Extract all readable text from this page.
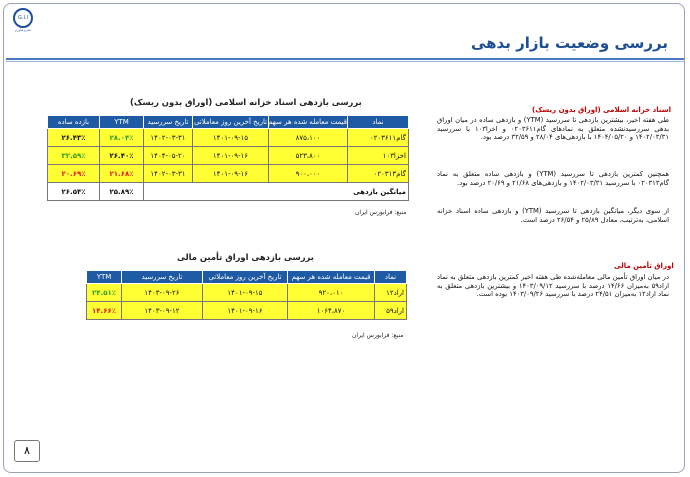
G.I.I
علم و فناوری
بررسی وضعیت بازار بدهی
بررسی بازدهی اسناد خزانه اسلامی (اوراق بدون ریسک)
نماد	قیمت معامله شده هر سهم	تاریخ آخرین روز معاملاتی	تاریخ سررسید	YTM	بازده ساده
گام۰۲۰۳۶۱۱	۸۷۵،۱۰۰	۱۴۰۱-۰۹-۱۵	۱۴۰۲-۰۳-۳۱	۲۸.۰۴٪	۲۶.۴۳٪
اخزا۱۰۳	۵۲۳،۸۰۰	۱۴۰۱-۰۹-۱۶	۱۴۰۴-۰۵-۲۰	۲۶.۴۰٪	۳۲.۵۹٪
گام۰۲۰۳۱۳	۹۰۰،۰۰۰	۱۴۰۱-۰۹-۱۶	۱۴۰۲-۰۳-۳۱	۲۱.۶۸٪	۲۰.۶۹٪
میانگین بازدهی				۲۵.۸۹٪	۲۶.۵۴٪
منبع: فرابورس ایران
بررسی بازدهی اوراق تأمین مالی
نماد	قیمت معامله شده هر سهم	تاریخ آخرین روز معاملاتی	تاریخ سررسید	YTM
اراد۱۲	۹۲۰،۰۱۰	۱۴۰۱-۰۹-۱۵	۱۴۰۳-۰۹-۲۶	۲۴.۵۱٪
اراد۵۹	۱۰۶۴،۸۷۰	۱۴۰۱-۰۹-۱۶	۱۴۰۳-۰۹-۱۲	۱۴.۶۶٪
منبع: فرابورس ایران
اسناد خزانه اسلامی (اوراق بدون ریسک)
طی هفته اخیر، بیشترین بازدهی تا سررسید (YTM) و بازدهی ساده در میان اوراق بدهی سررسیدنشده متعلق به نمادهای گام۰۲۰۳۶۱۱ و اخزا۱۰۳ با سررسید ۱۴۰۲/۰۳/۳۱ و ۱۴۰۴/۰۵/۲۰ با بازدهی‌های ۲۸/۰۴ و ۳۲/۵۹ درصد بود.
همچنین کمترین بازدهی تا سررسید (YTM) و بازدهی ساده متعلق به نماد گام۰۲۰۳۱۳ با سررسید ۱۴۰۲/۰۳/۳۱ و بازدهی‌های ۲۱/۶۸ و ۲۰/۶۹ درصد بود.
از سوی دیگر، میانگین بازدهی تا سررسید (YTM) و بازدهی ساده اسناد خزانه اسلامی، به‌ترتیب، معادل ۲۵/۸۹ و ۲۶/۵۴ درصد است.
اوراق تأمین مالی
در میان اوراق تأمین مالی معامله‌شده طی هفته اخیر کمترین بازدهی متعلق به نماد اراد۵۹ به‌میزان ۱۴/۶۶ درصد با سررسید ۱۴۰۳/۰۹/۱۲ و بیشترین بازدهی متعلق به نماد اراد۱۲ به‌میزان ۲۴/۵۱ درصد با سررسید ۱۴۰۳/۰۹/۲۶ بوده است.
۸
